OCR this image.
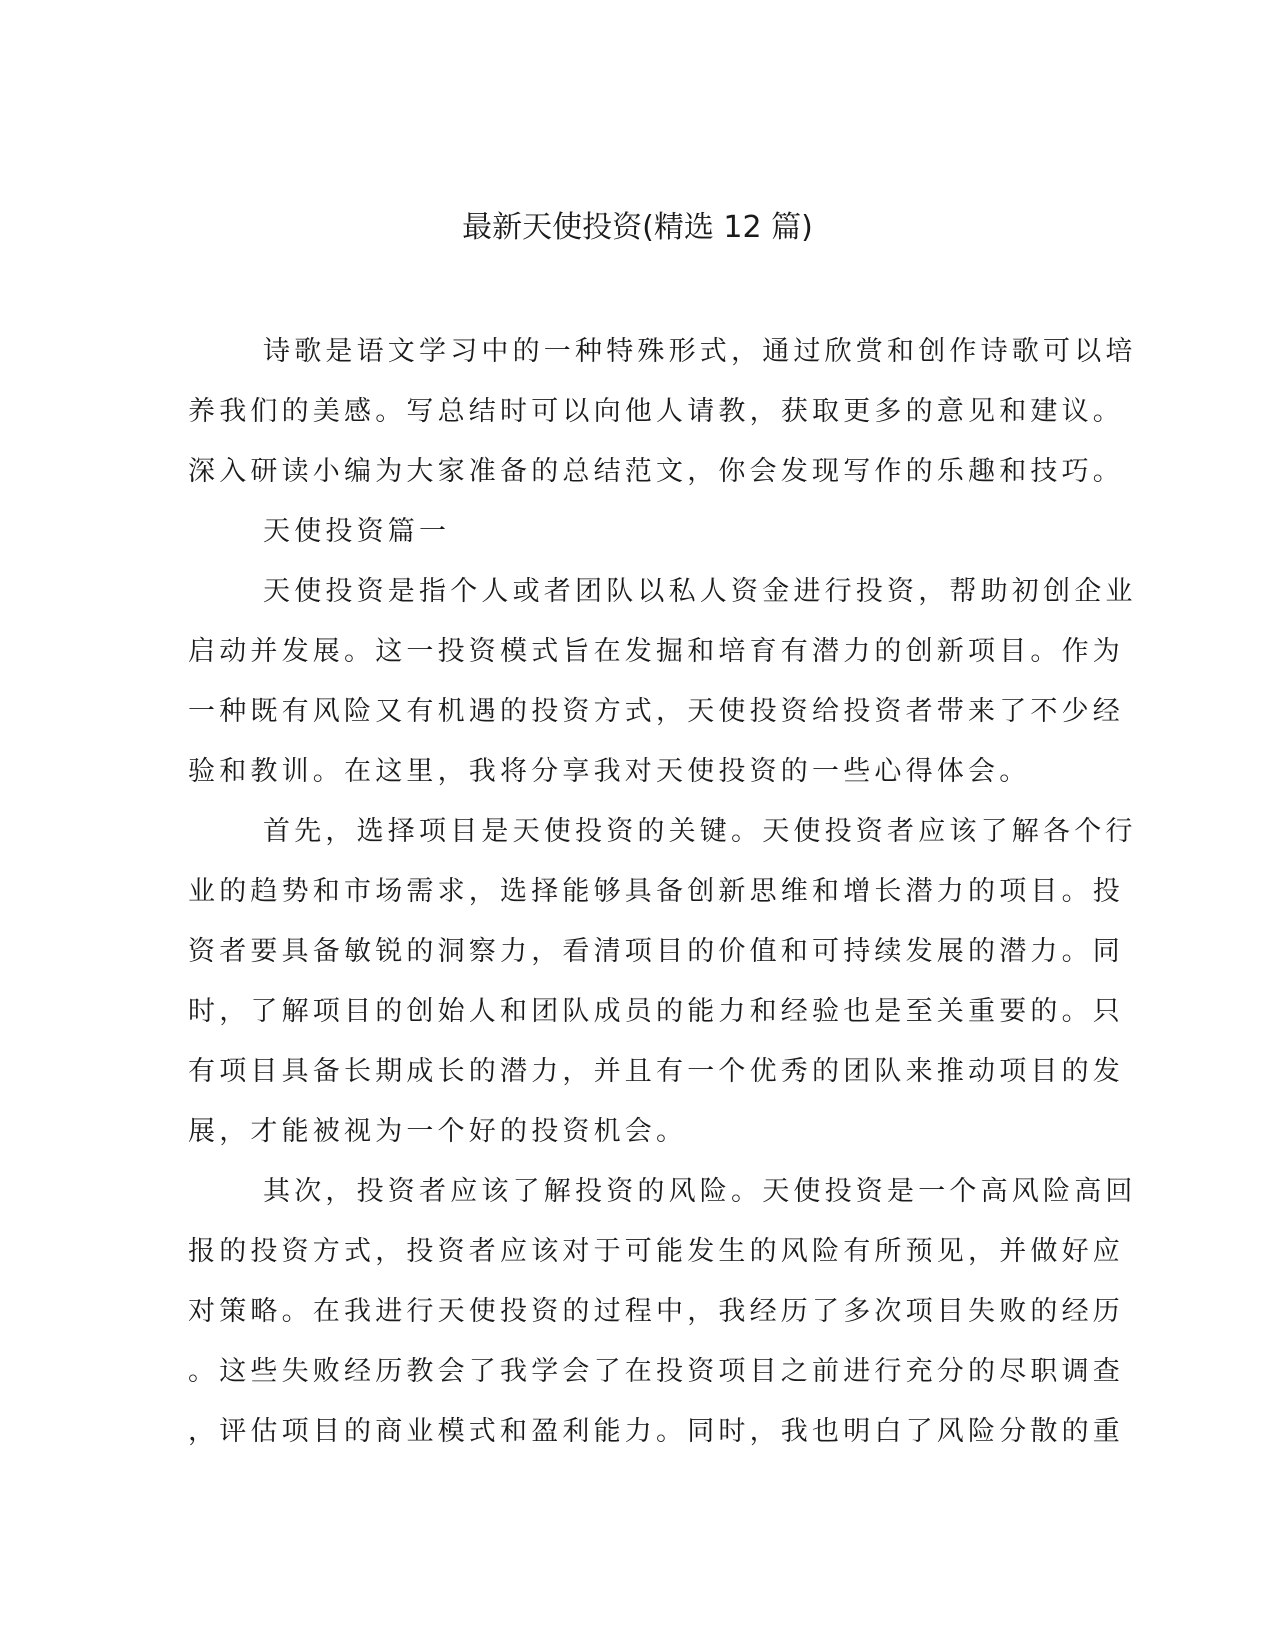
最新天使投资(精选 12 篇)
诗歌是语文学习中的一种特殊形式，通过欣赏和创作诗歌可以培
养我们的美感。写总结时可以向他人请教，获取更多的意见和建议。
深入研读小编为大家准备的总结范文，你会发现写作的乐趣和技巧。
天使投资篇一
天使投资是指个人或者团队以私人资金进行投资，帮助初创企业
启动并发展。这一投资模式旨在发掘和培育有潜力的创新项目。作为
一种既有风险又有机遇的投资方式，天使投资给投资者带来了不少经
验和教训。在这里，我将分享我对天使投资的一些心得体会。
首先，选择项目是天使投资的关键。天使投资者应该了解各个行
业的趋势和市场需求，选择能够具备创新思维和增长潜力的项目。投
资者要具备敏锐的洞察力，看清项目的价值和可持续发展的潜力。同
时，了解项目的创始人和团队成员的能力和经验也是至关重要的。只
有项目具备长期成长的潜力，并且有一个优秀的团队来推动项目的发
展，才能被视为一个好的投资机会。
其次，投资者应该了解投资的风险。天使投资是一个高风险高回
报的投资方式，投资者应该对于可能发生的风险有所预见，并做好应
对策略。在我进行天使投资的过程中，我经历了多次项目失败的经历
。这些失败经历教会了我学会了在投资项目之前进行充分的尽职调查
，评估项目的商业模式和盈利能力。同时，我也明白了风险分散的重
